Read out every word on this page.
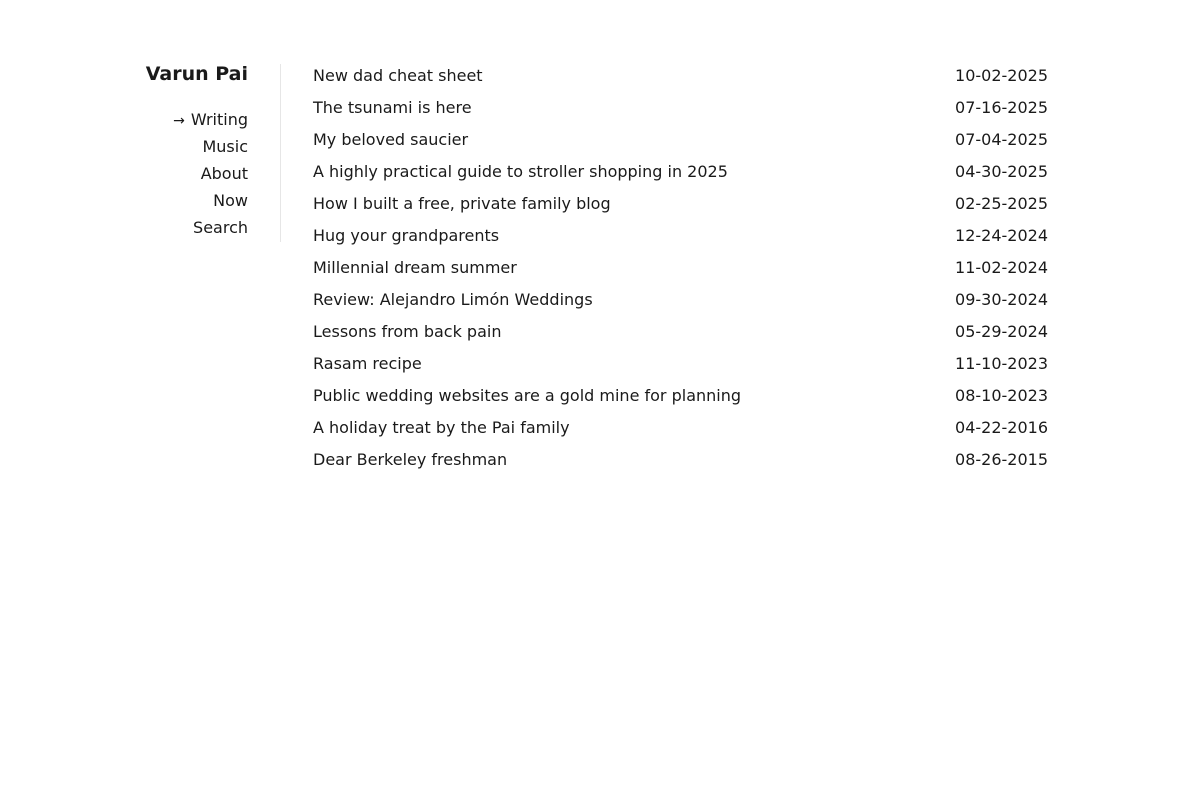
Varun Pai
→ Writing
Music
About
Now
Search
New dad cheat sheet	10-02-2025
The tsunami is here	07-16-2025
My beloved saucier	07-04-2025
A highly practical guide to stroller shopping in 2025	04-30-2025
How I built a free, private family blog	02-25-2025
Hug your grandparents	12-24-2024
Millennial dream summer	11-02-2024
Review: Alejandro Limón Weddings	09-30-2024
Lessons from back pain	05-29-2024
Rasam recipe	11-10-2023
Public wedding websites are a gold mine for planning	08-10-2023
A holiday treat by the Pai family	04-22-2016
Dear Berkeley freshman	08-26-2015
